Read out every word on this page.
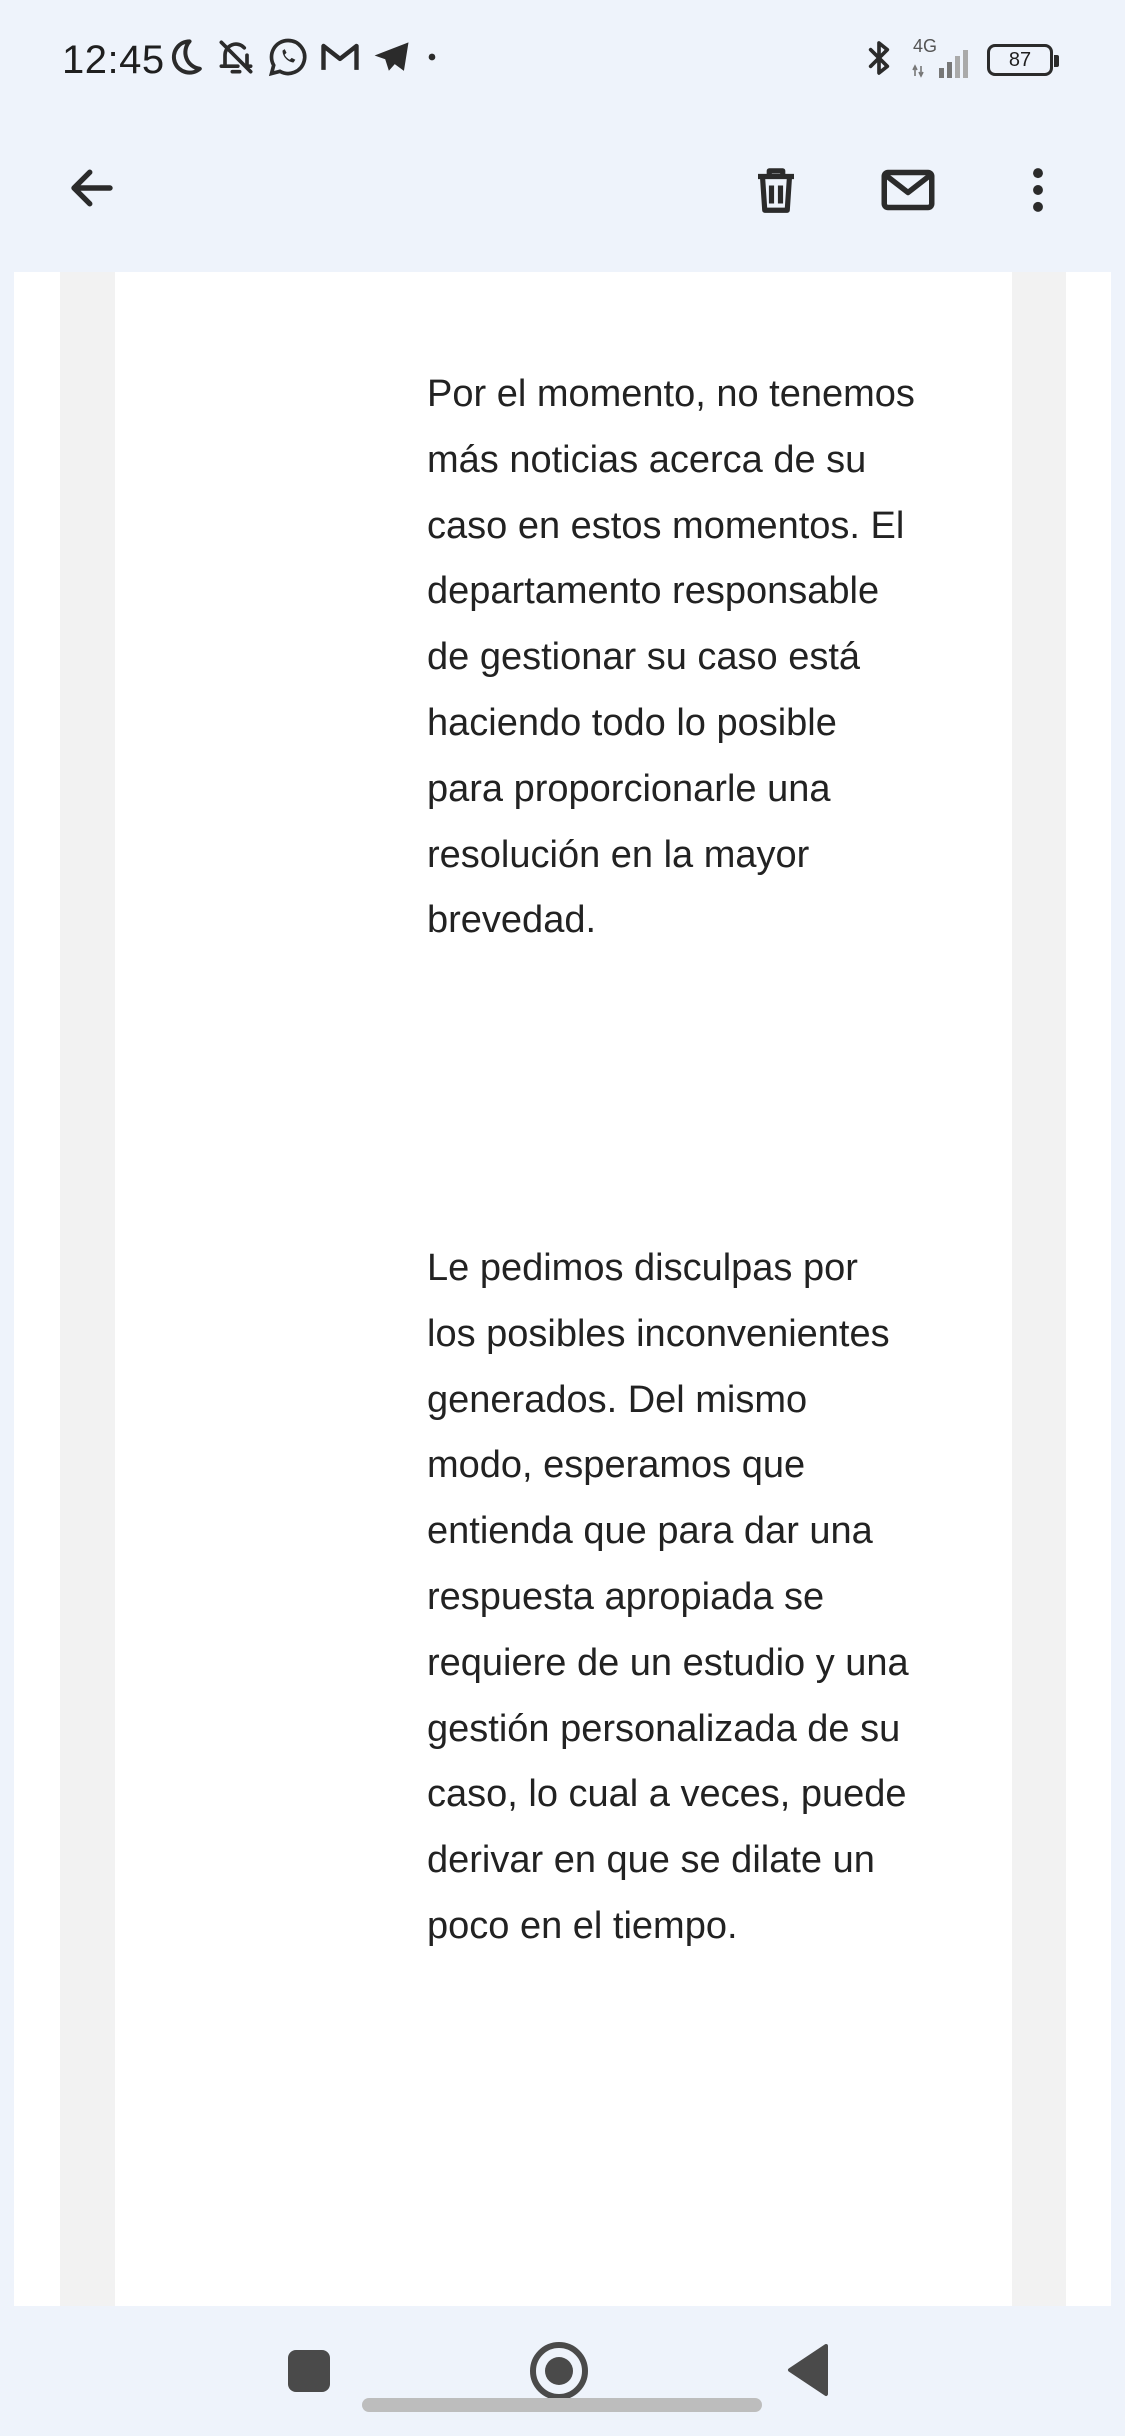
12:45	4G
87

Por el momento, no tenemos más noticias acerca de su caso en estos momentos. El departamento responsable de gestionar su caso está haciendo todo lo posible para proporcionarle una resolución en la mayor brevedad.

Le pedimos disculpas por los posibles inconvenientes generados. Del mismo modo, esperamos que entienda que para dar una respuesta apropiada se requiere de un estudio y una gestión personalizada de su caso, lo cual a veces, puede derivar en que se dilate un poco en el tiempo.
